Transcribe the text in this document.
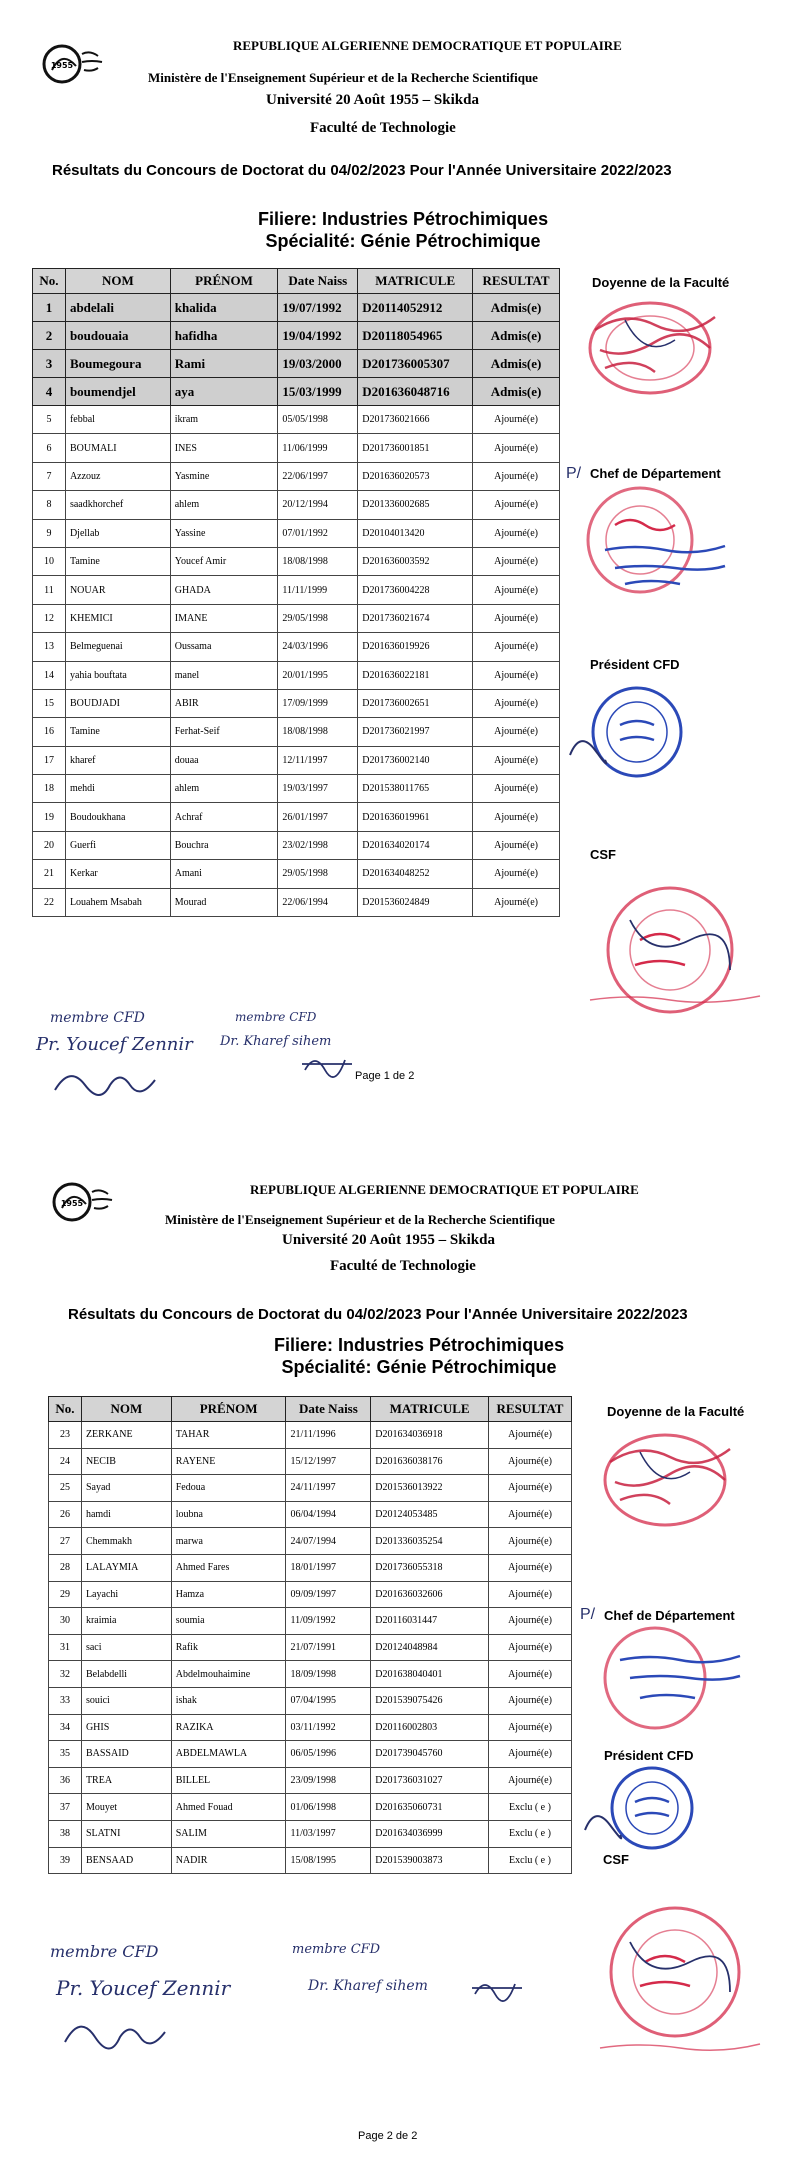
1955
REPUBLIQUE ALGERIENNE DEMOCRATIQUE ET POPULAIRE
Ministère de l'Enseignement Supérieur et de la Recherche Scientifique
Université 20 Août 1955 – Skikda
Faculté de Technologie
Résultats du Concours de Doctorat du 04/02/2023 Pour l'Année Universitaire 2022/2023
Filiere: Industries Pétrochimiques
Spécialité: Génie Pétrochimique
No.	NOM	PRÉNOM	Date Naiss	MATRICULE	RESULTAT
1	abdelali	khalida	19/07/1992	D20114052912	Admis(e)
2	boudouaia	hafidha	19/04/1992	D20118054965	Admis(e)
3	Boumegoura	Rami	19/03/2000	D201736005307	Admis(e)
4	boumendjel	aya	15/03/1999	D201636048716	Admis(e)
5	febbal	ikram	05/05/1998	D201736021666	Ajourné(e)
6	BOUMALI	INES	11/06/1999	D201736001851	Ajourné(e)
7	Azzouz	Yasmine	22/06/1997	D201636020573	Ajourné(e)
8	saadkhorchef	ahlem	20/12/1994	D201336002685	Ajourné(e)
9	Djellab	Yassine	07/01/1992	D20104013420	Ajourné(e)
10	Tamine	Youcef Amir	18/08/1998	D201636003592	Ajourné(e)
11	NOUAR	GHADA	11/11/1999	D201736004228	Ajourné(e)
12	KHEMICI	IMANE	29/05/1998	D201736021674	Ajourné(e)
13	Belmeguenai	Oussama	24/03/1996	D201636019926	Ajourné(e)
14	yahia bouftata	manel	20/01/1995	D201636022181	Ajourné(e)
15	BOUDJADI	ABIR	17/09/1999	D201736002651	Ajourné(e)
16	Tamine	Ferhat-Seif	18/08/1998	D201736021997	Ajourné(e)
17	kharef	douaa	12/11/1997	D201736002140	Ajourné(e)
18	mehdi	ahlem	19/03/1997	D201538011765	Ajourné(e)
19	Boudoukhana	Achraf	26/01/1997	D201636019961	Ajourné(e)
20	Guerfi	Bouchra	23/02/1998	D201634020174	Ajourné(e)
21	Kerkar	Amani	29/05/1998	D201634048252	Ajourné(e)
22	Louahem Msabah	Mourad	22/06/1994	D201536024849	Ajourné(e)
Doyenne de la Faculté
P/ Chef de Département
Président CFD
CSF
membre CFD	membre CFD
Pr. Youcef Zennir Dr. Kharef sihem
Page 1 de 2
1955
REPUBLIQUE ALGERIENNE DEMOCRATIQUE ET POPULAIRE
Ministère de l'Enseignement Supérieur et de la Recherche Scientifique
Université 20 Août 1955 – Skikda
Faculté de Technologie
Résultats du Concours de Doctorat du 04/02/2023 Pour l'Année Universitaire 2022/2023
Filiere: Industries Pétrochimiques
Spécialité: Génie Pétrochimique
No.	NOM	PRÉNOM	Date Naiss	MATRICULE	RESULTAT
23	ZERKANE	TAHAR	21/11/1996	D201634036918	Ajourné(e)
24	NECIB	RAYENE	15/12/1997	D201636038176	Ajourné(e)
25	Sayad	Fedoua	24/11/1997	D201536013922	Ajourné(e)
26	hamdi	loubna	06/04/1994	D20124053485	Ajourné(e)
27	Chemmakh	marwa	24/07/1994	D201336035254	Ajourné(e)
28	LALAYMIA	Ahmed Fares	18/01/1997	D201736055318	Ajourné(e)
29	Layachi	Hamza	09/09/1997	D201636032606	Ajourné(e)
30	kraimia	soumia	11/09/1992	D20116031447	Ajourné(e)
31	saci	Rafik	21/07/1991	D20124048984	Ajourné(e)
32	Belabdelli	Abdelmouhaimine	18/09/1998	D201638040401	Ajourné(e)
33	souici	ishak	07/04/1995	D201539075426	Ajourné(e)
34	GHIS	RAZIKA	03/11/1992	D20116002803	Ajourné(e)
35	BASSAID	ABDELMAWLA	06/05/1996	D201739045760	Ajourné(e)
36	TREA	BILLEL	23/09/1998	D201736031027	Ajourné(e)
37	Mouyet	Ahmed Fouad	01/06/1998	D201635060731	Exclu ( e )
38	SLATNI	SALIM	11/03/1997	D201634036999	Exclu ( e )
39	BENSAAD	NADIR	15/08/1995	D201539003873	Exclu ( e )
Doyenne de la Faculté
P/ Chef de Département
Président CFD
CSF
membre CFD	membre CFD
Pr. Youcef Zennir	Dr. Kharef sihem
Page 2 de 2
